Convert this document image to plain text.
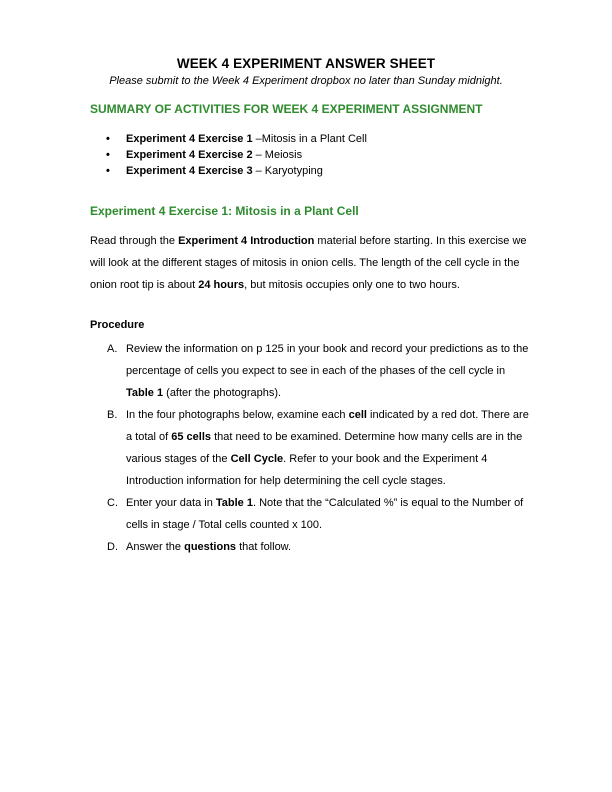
WEEK 4 EXPERIMENT ANSWER SHEET
Please submit to the Week 4 Experiment dropbox no later than Sunday midnight.
SUMMARY OF ACTIVITIES FOR WEEK 4 EXPERIMENT ASSIGNMENT
• Experiment 4 Exercise 1 –Mitosis in a Plant Cell
• Experiment 4 Exercise 2 – Meiosis
• Experiment 4 Exercise 3 – Karyotyping
Experiment 4 Exercise 1: Mitosis in a Plant Cell
Read through the Experiment 4 Introduction material before starting. In this exercise we will look at the different stages of mitosis in onion cells. The length of the cell cycle in the onion root tip is about 24 hours, but mitosis occupies only one to two hours.
Procedure
A. Review the information on p 125 in your book and record your predictions as to the percentage of cells you expect to see in each of the phases of the cell cycle in Table 1 (after the photographs).
B. In the four photographs below, examine each cell indicated by a red dot. There are a total of 65 cells that need to be examined. Determine how many cells are in the various stages of the Cell Cycle. Refer to your book and the Experiment 4 Introduction information for help determining the cell cycle stages.
C. Enter your data in Table 1. Note that the “Calculated %” is equal to the Number of cells in stage / Total cells counted x 100.
D. Answer the questions that follow.
